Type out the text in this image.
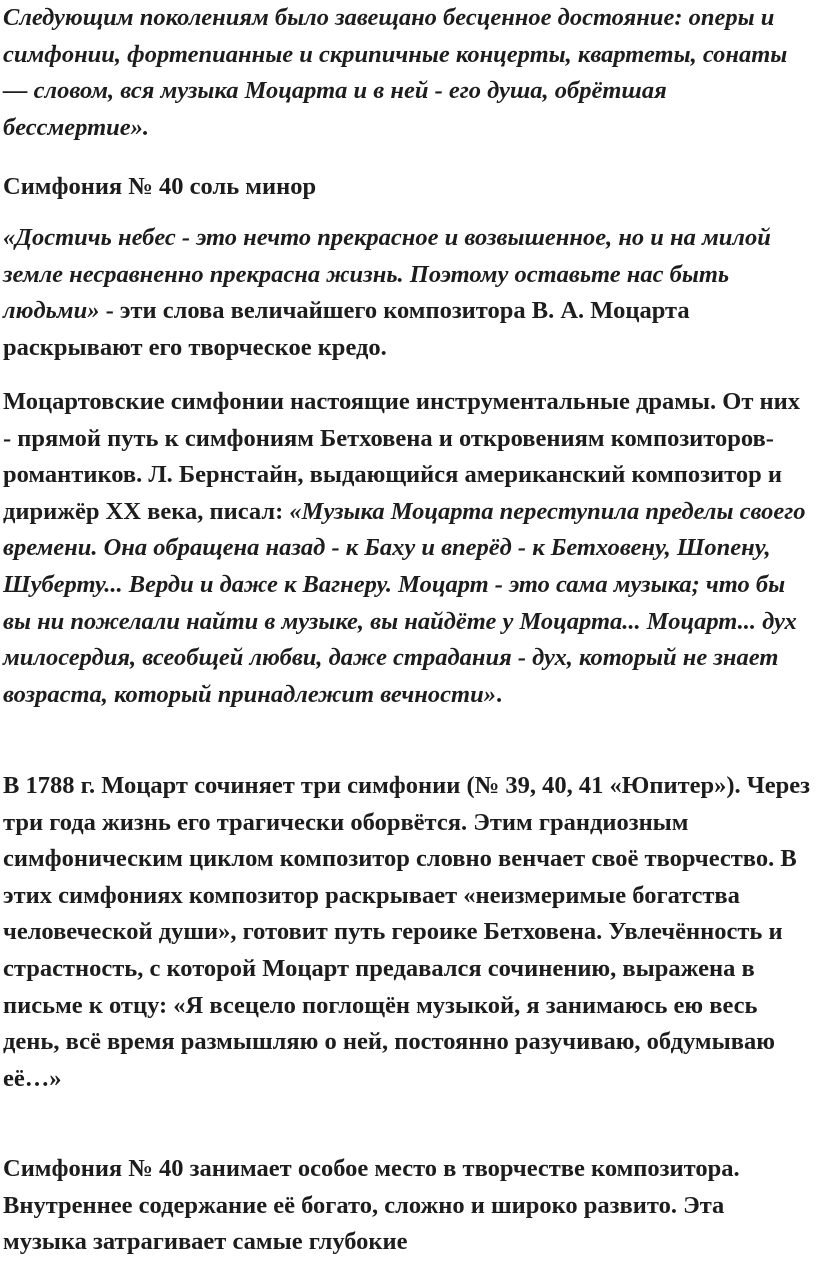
Следующим поколениям было завещано бесценное достояние: оперы и симфонии, фортепианные и скрипичные концерты, квартеты, сонаты — словом, вся музыка Моцарта и в ней - его душа, обрётшая бессмертие».

Симфония № 40 соль минор

«Достичь небес - это нечто прекрасное и возвышенное, но и на милой земле несравненно прекрасна жизнь. Поэтому оставьте нас быть людьми» - эти слова величайшего композитора В. А. Моцарта раскрывают его творческое кредо.

Моцартовские симфонии настоящие инструментальные драмы. От них - прямой путь к симфониям Бетховена и откровениям композиторов-романтиков. Л. Бернстайн, выдающийся американский композитор и дирижёр XX века, писал: «Музыка Моцарта переступила пределы своего времени. Она обращена назад - к Баху и вперёд - к Бетховену, Шопену, Шуберту... Верди и даже к Вагнеру. Моцарт - это сама музыка; что бы вы ни пожелали найти в музыке, вы найдёте у Моцарта... Моцарт... дух милосердия, всеобщей любви, даже страдания - дух, который не знает возраста, который принадлежит вечности».

В 1788 г. Моцарт сочиняет три симфонии (№ 39, 40, 41 «Юпитер»). Через три года жизнь его трагически оборвётся. Этим грандиозным симфоническим циклом композитор словно венчает своё творчество. В этих симфониях композитор раскрывает «неизмеримые богатства человеческой души», готовит путь героике Бетховена. Увлечённость и страстность, с которой Моцарт предавался сочинению, выражена в письме к отцу: «Я всецело поглощён музыкой, я занимаюсь ею весь день, всё время размышляю о ней, постоянно разучиваю, обдумываю её…»

Симфония № 40 занимает особое место в творчестве композитора. Внутреннее содержание её богато, сложно и широко развито. Эта музыка затрагивает самые глубокие
